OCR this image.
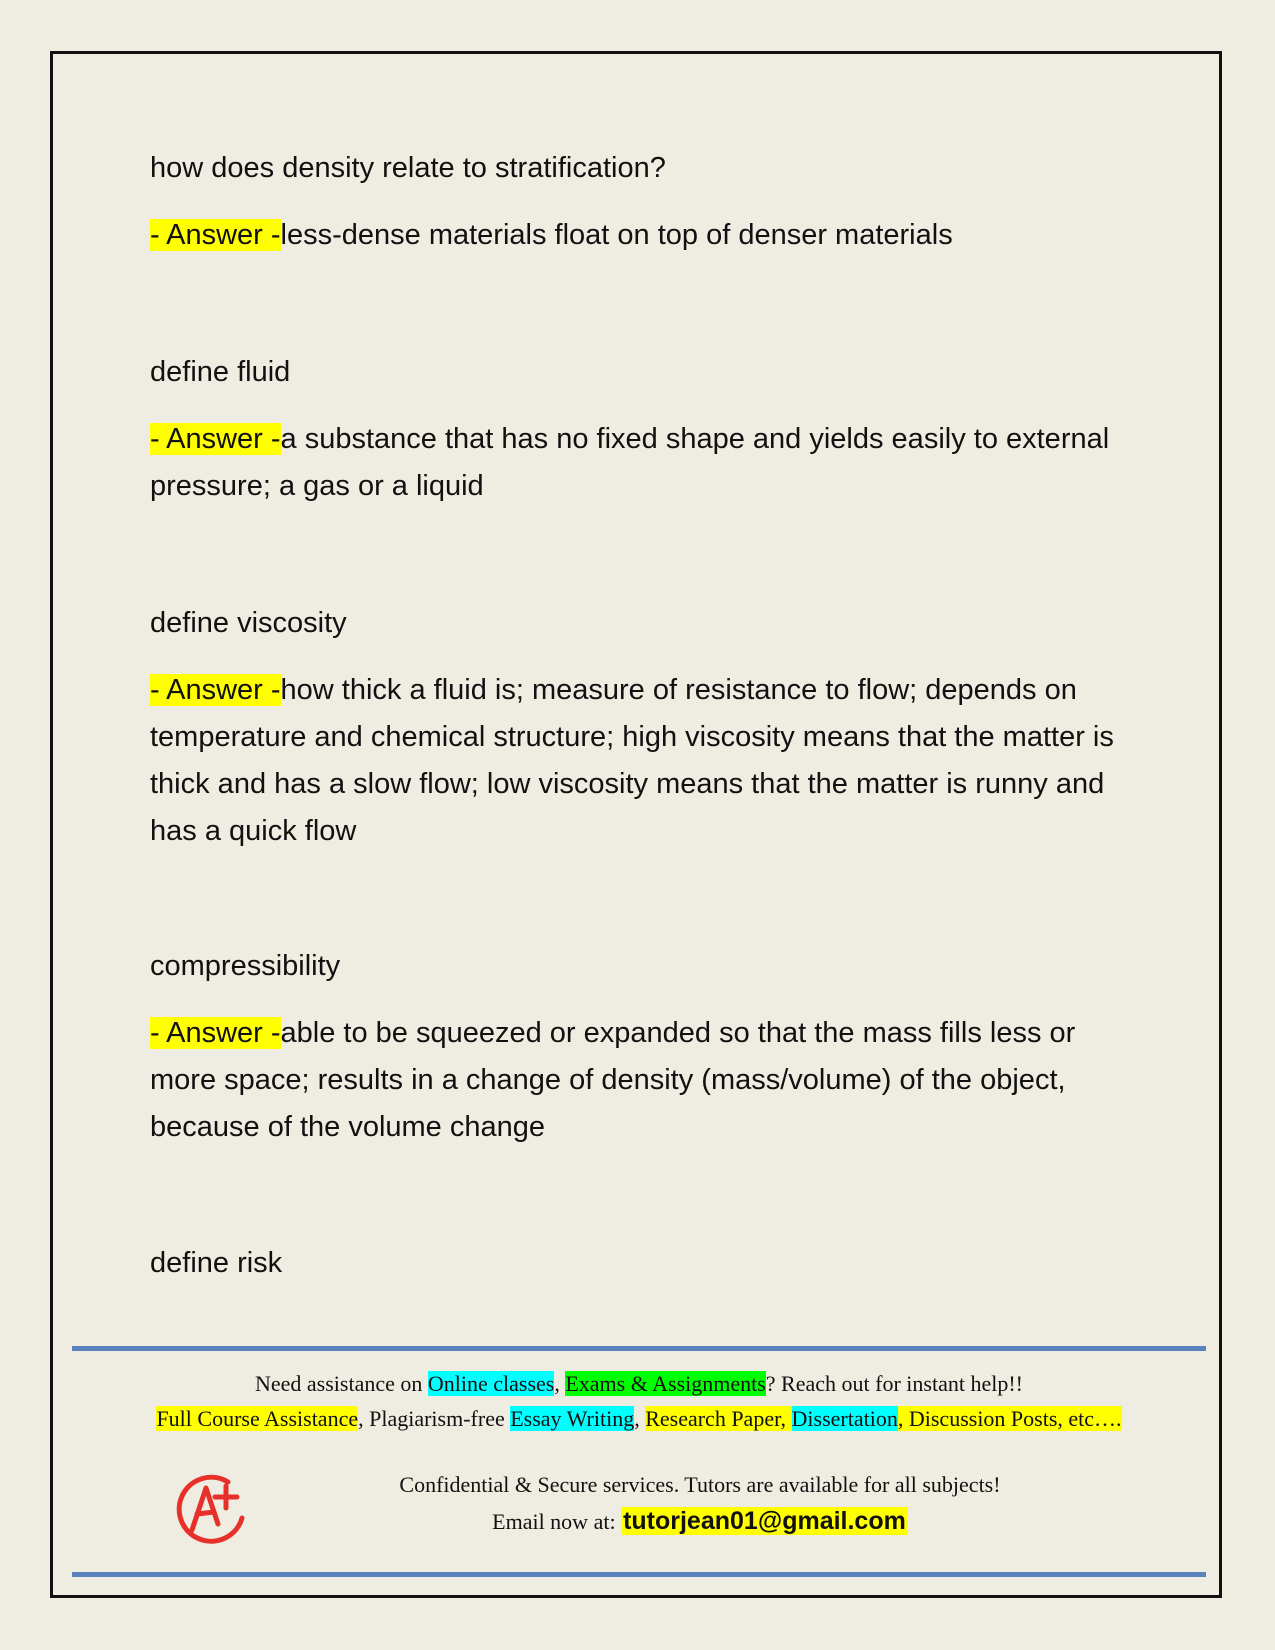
how does density relate to stratification?

- Answer -less-dense materials float on top of denser materials

define fluid

- Answer -a substance that has no fixed shape and yields easily to external pressure; a gas or a liquid

define viscosity

- Answer -how thick a fluid is; measure of resistance to flow; depends on temperature and chemical structure; high viscosity means that the matter is thick and has a slow flow; low viscosity means that the matter is runny and has a quick flow

compressibility

- Answer -able to be squeezed or expanded so that the mass fills less or more space; results in a change of density (mass/volume) of the object, because of the volume change

define risk

Need assistance on Online classes, Exams & Assignments? Reach out for instant help!!
Full Course Assistance, Plagiarism-free Essay Writing, Research Paper, Dissertation, Discussion Posts, etc….
Confidential & Secure services. Tutors are available for all subjects!
Email now at: tutorjean01@gmail.com
